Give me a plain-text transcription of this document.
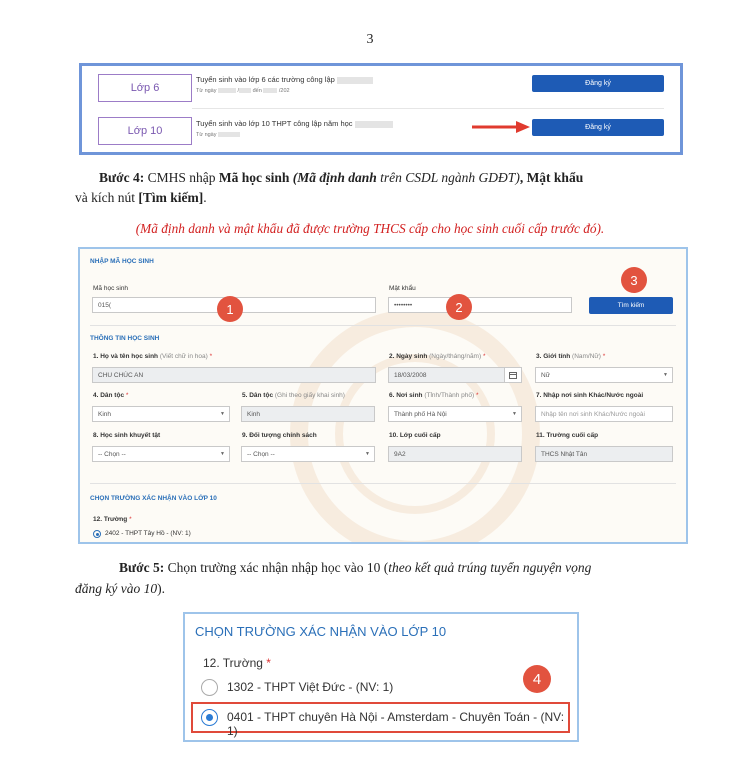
3
Lớp 6
Tuyển sinh vào lớp 6 các trường công lập
Từ ngày	/ đến	/202
Đăng ký
Lớp 10
Tuyển sinh vào lớp 10 THPT công lập năm học
Từ ngày
Đăng ký
Bước 4: CMHS nhập Mã học sinh (Mã định danh trên CSDL ngành GDĐT), Mật khẩu
và kích nút [Tìm kiếm].
(Mã định danh và mật khẩu đã được trường THCS cấp cho học sinh cuối cấp trước đó).
NHẬP MÃ HỌC SINH
Mã học sinh
015(
Mật khẩu
••••••••	Tìm kiếm
1	2
3
THÔNG TIN HỌC SINH
1. Họ và tên học sinh (Viết chữ in hoa) *
CHU CHÚC AN
2. Ngày sinh (Ngày/tháng/năm) *
18/03/2008
3. Giới tính (Nam/Nữ) *
Nữ	▼
4. Dân tộc *
Kinh	▼
5. Dân tộc (Ghi theo giấy khai sinh)
Kinh
6. Nơi sinh (Tỉnh/Thành phố) *
Thành phố Hà Nội	▼
7. Nhập nơi sinh Khác/Nước ngoài
Nhập tên nơi sinh Khác/Nước ngoài
8. Học sinh khuyết tật
-- Chọn --	▼
9. Đối tượng chính sách
-- Chọn --	▼
10. Lớp cuối cấp
9A2
11. Trường cuối cấp
THCS Nhật Tân
CHỌN TRƯỜNG XÁC NHẬN VÀO LỚP 10
12. Trường *
2402 - THPT Tây Hồ - (NV: 1)
Bước 5: Chọn trường xác nhận nhập học vào 10 (theo kết quả trúng tuyển nguyện vọng
đăng ký vào 10).
CHỌN TRƯỜNG XÁC NHẬN VÀO LỚP 10
12. Trường *
1302 - THPT Việt Đức - (NV: 1)
0401 - THPT chuyên Hà Nội - Amsterdam - Chuyên Toán - (NV: 1)
4
